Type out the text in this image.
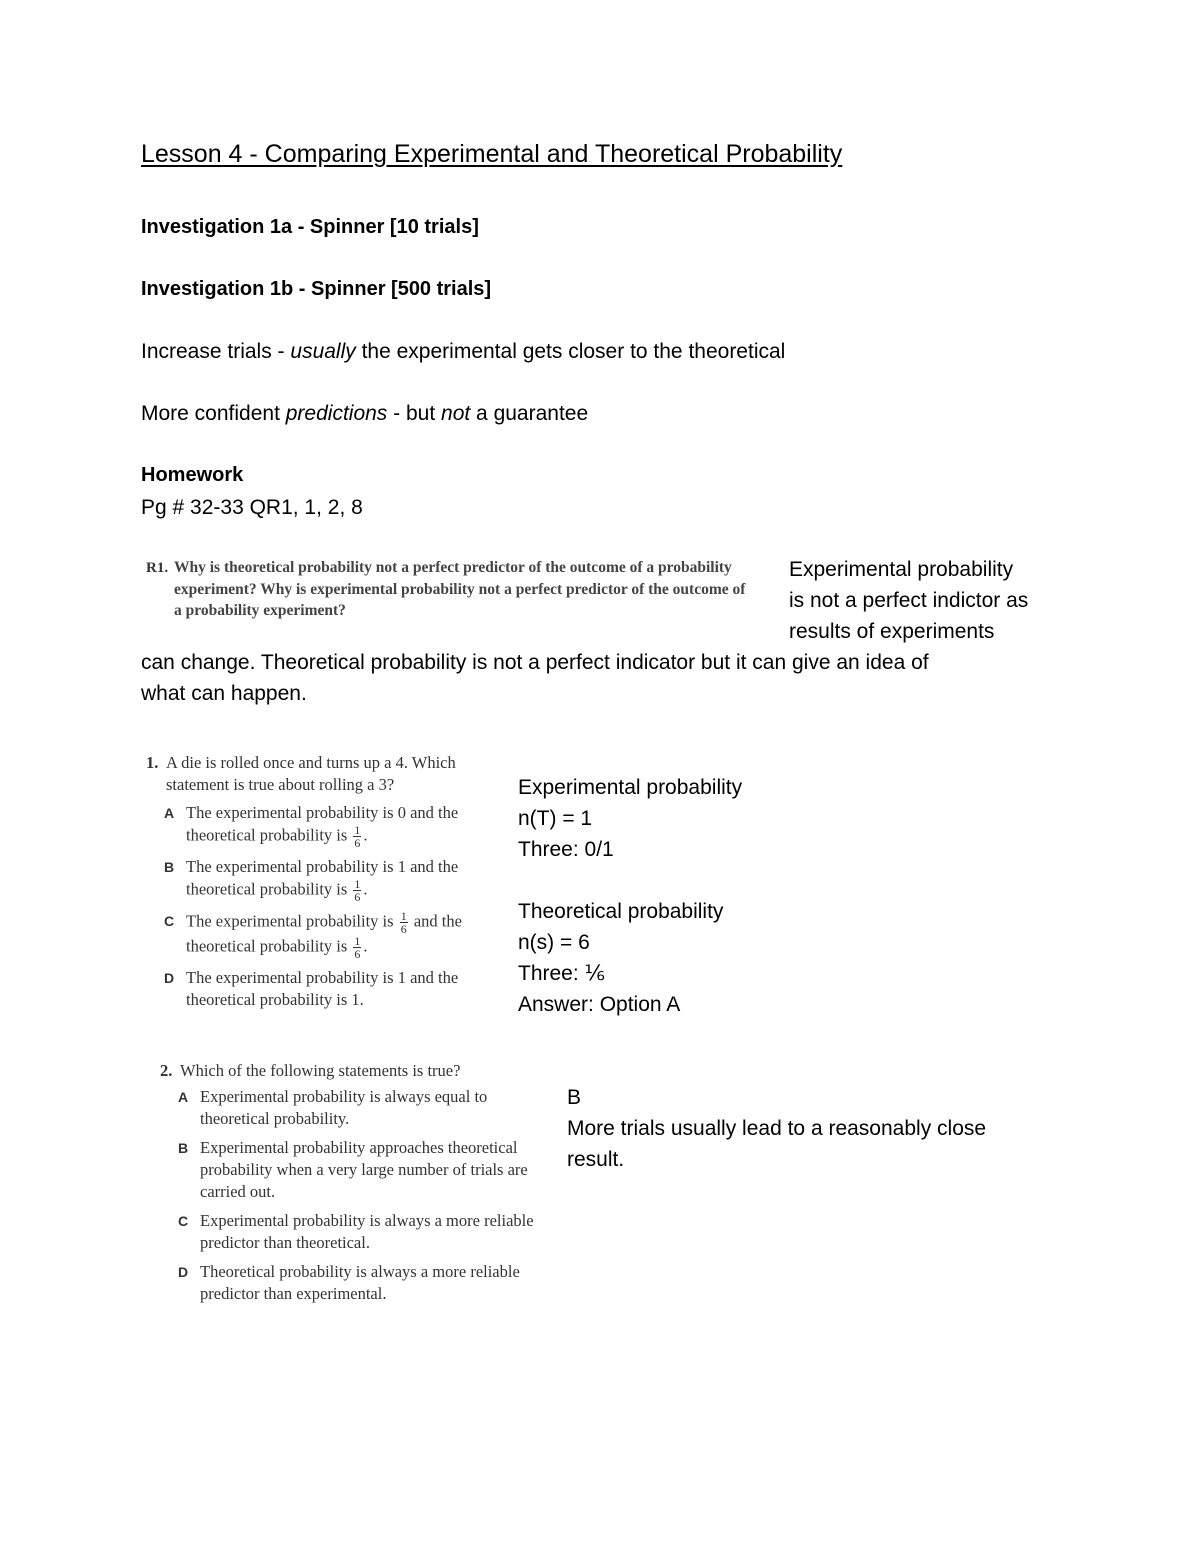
Lesson 4 - Comparing Experimental and Theoretical Probability
Investigation 1a - Spinner [10 trials]
Investigation 1b - Spinner [500 trials]
Increase trials - usually the experimental gets closer to the theoretical
More confident predictions - but not a guarantee
Homework
Pg # 32-33 QR1, 1, 2, 8
R1. Why is theoretical probability not a perfect predictor of the outcome of a probability experiment? Why is experimental probability not a perfect predictor of the outcome of a probability experiment?
Experimental probability
is not a perfect indictor as
results of experiments
can change. Theoretical probability is not a perfect indicator but it can give an idea of
what can happen.
1. A die is rolled once and turns up a 4. Which statement is true about rolling a 3?
A The experimental probability is 0 and the
theoretical probability is $\frac{1}{6}$ .
B The experimental probability is 1 and the
theoretical probability is $\frac{1}{6}$ .
C The experimental probability is $\frac{1}{6}$ and the
theoretical probability is $\frac{1}{6}$ .
D The experimental probability is 1 and the
theoretical probability is 1.
Experimental probability
n(T) = 1
Three: 0/1
Theoretical probability
n(s) = 6
Three: ⅙
Answer: Option A
2. Which of the following statements is true?
A Experimental probability is always equal to theoretical probability.
B Experimental probability approaches theoretical probability when a very large number of trials are carried out.
C Experimental probability is always a more reliable predictor than theoretical.
D Theoretical probability is always a more reliable predictor than experimental.
B
More trials usually lead to a reasonably close
result.
